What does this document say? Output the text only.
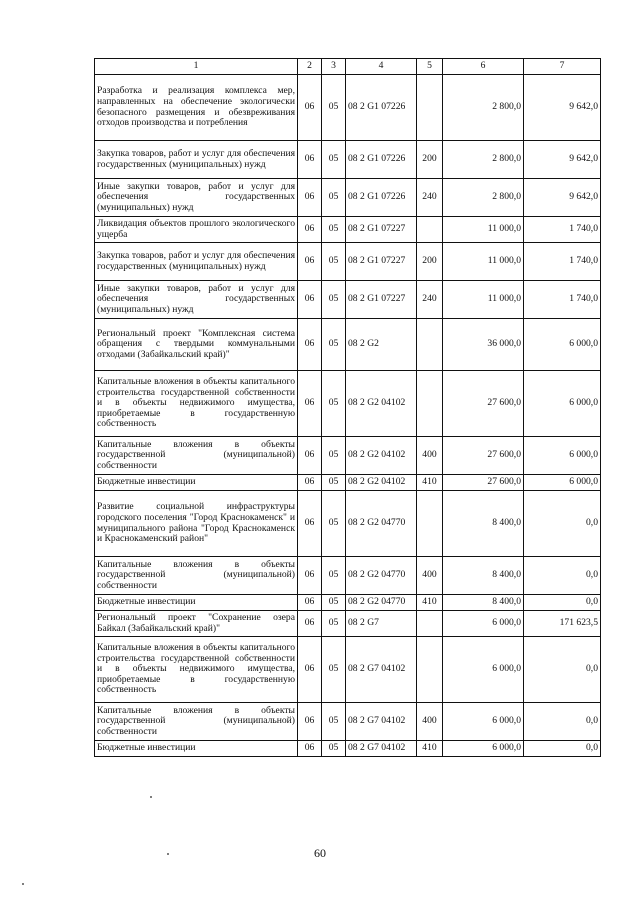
1	2	3	4	5	6	7
Разработка и реализация комплекса мер, направленных на обеспечение экологически безопасного размещения и обезвреживания отходов производства и потребления	06	05	08 2 G1 07226		2 800,0	9 642,0
Закупка товаров, работ и услуг для обеспечения государственных (муниципальных) нужд	06	05	08 2 G1 07226	200	2 800,0	9 642,0
Иные закупки товаров, работ и услуг для обеспечения государственных (муниципальных) нужд	06	05	08 2 G1 07226	240	2 800,0	9 642,0
Ликвидация объектов прошлого экологического ущерба	06	05	08 2 G1 07227		11 000,0	1 740,0
Закупка товаров, работ и услуг для обеспечения государственных (муниципальных) нужд	06	05	08 2 G1 07227	200	11 000,0	1 740,0
Иные закупки товаров, работ и услуг для обеспечения государственных (муниципальных) нужд	06	05	08 2 G1 07227	240	11 000,0	1 740,0
Региональный проект "Комплексная система обращения с твердыми коммунальными отходами (Забайкальский край)"	06	05	08 2 G2		36 000,0	6 000,0
Капитальные вложения в объекты капитального строительства государственной собственности и в объекты недвижимого имущества, приобретаемые в государственную собственность	06	05	08 2 G2 04102		27 600,0	6 000,0
Капитальные вложения в объекты государственной (муниципальной) собственности	06	05	08 2 G2 04102	400	27 600,0	6 000,0
Бюджетные инвестиции	06	05	08 2 G2 04102	410	27 600,0	6 000,0
Развитие социальной инфраструктуры городского поселения "Город Краснокаменск" и муниципального района "Город Краснокаменск и Краснокаменский район"	06	05	08 2 G2 04770		8 400,0	0,0
Капитальные вложения в объекты государственной (муниципальной) собственности	06	05	08 2 G2 04770	400	8 400,0	0,0
Бюджетные инвестиции	06	05	08 2 G2 04770	410	8 400,0	0,0
Региональный проект "Сохранение озера Байкал (Забайкальский край)"	06	05	08 2 G7		6 000,0	171 623,5
Капитальные вложения в объекты капитального строительства государственной собственности и в объекты недвижимого имущества, приобретаемые в государственную собственность	06	05	08 2 G7 04102		6 000,0	0,0
Капитальные вложения в объекты государственной (муниципальной) собственности	06	05	08 2 G7 04102	400	6 000,0	0,0
Бюджетные инвестиции	06	05	08 2 G7 04102	410	6 000,0	0,0
60
